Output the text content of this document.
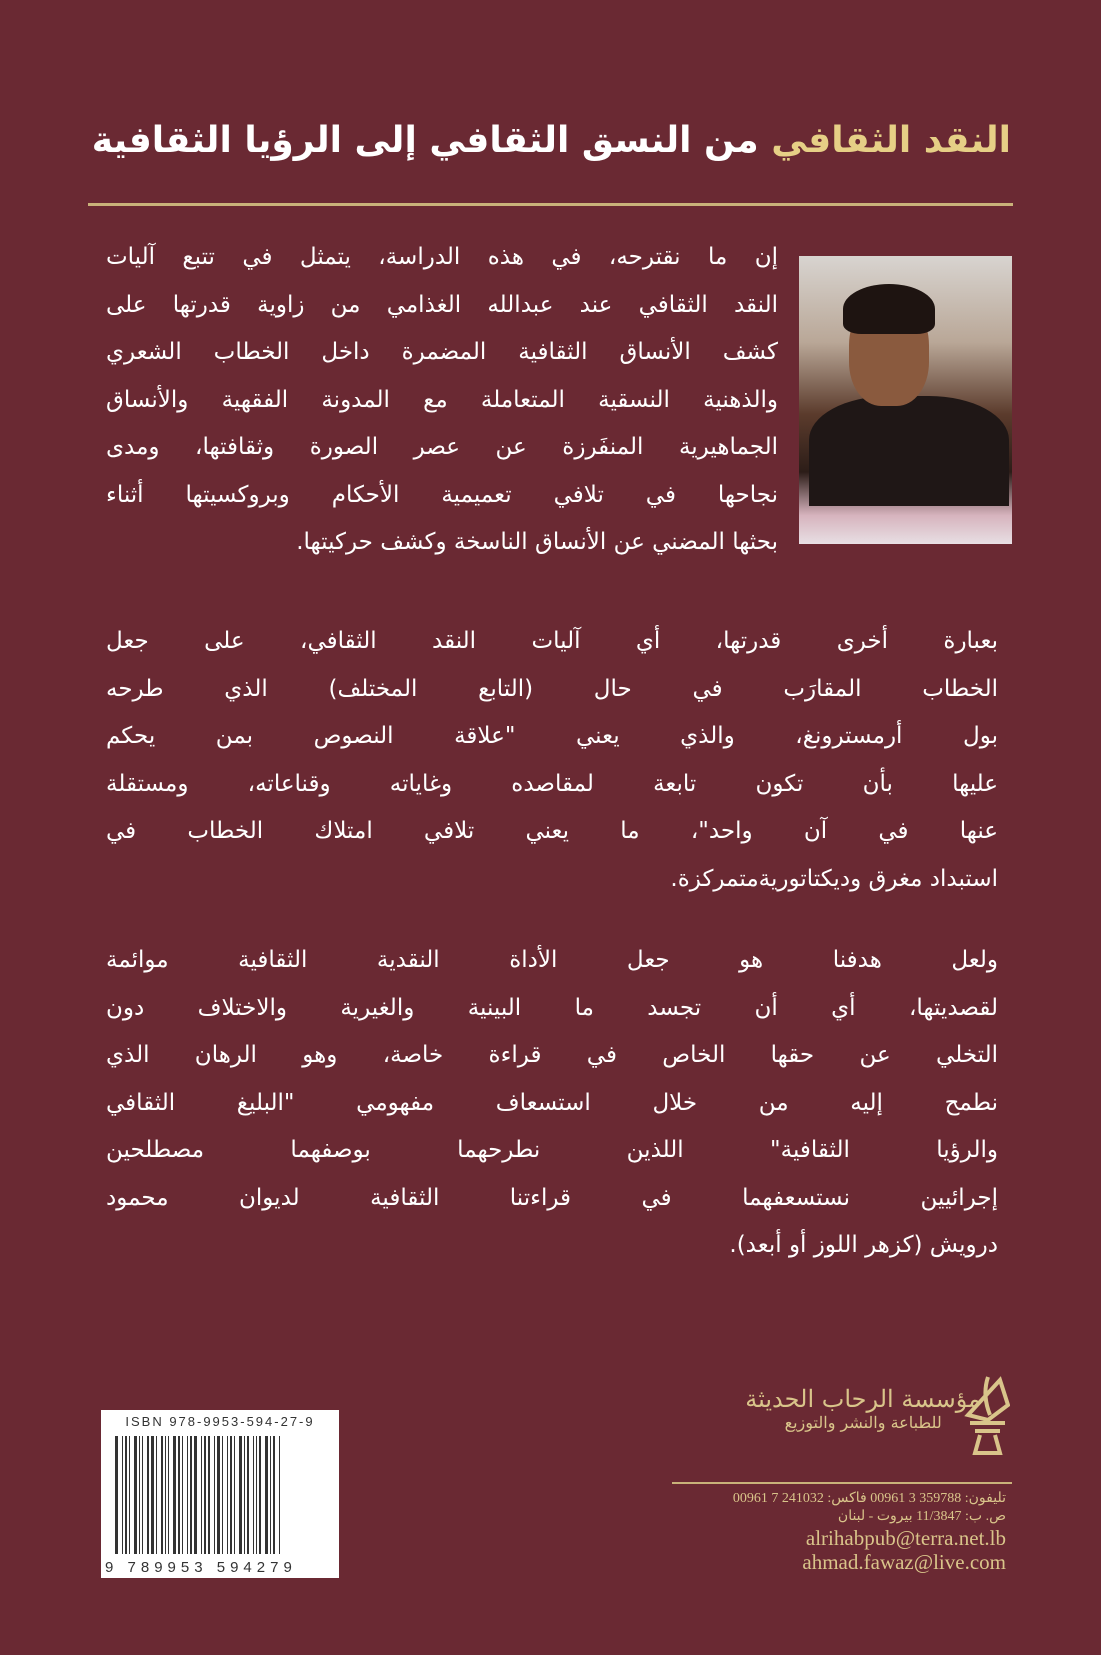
النقد الثقافي من النسق الثقافي إلى الرؤيا الثقافية
إن ما نقترحه، في هذه الدراسة، يتمثل في تتبع آليات
النقد الثقافي عند عبدالله الغذامي من زاوية قدرتها على
كشف الأنساق الثقافية المضمرة داخل الخطاب الشعري
والذهنية النسقية المتعاملة مع المدونة الفقهية والأنساق
الجماهيرية المنفَرزة عن عصر الصورة وثقافتها، ومدى
نجاحها في تلافي تعميمية الأحكام وبروكسيتها أثناء
بحثها المضني عن الأنساق الناسخة وكشف حركيتها.
بعبارة أخرى قدرتها، أي آليات النقد الثقافي، على جعل
الخطاب المقارَب في حال (التابع المختلف) الذي طرحه
بول أرمسترونغ، والذي يعني "علاقة النصوص بمن يحكم
عليها بأن تكون تابعة لمقاصده وغاياته وقناعاته، ومستقلة
عنها في آن واحد"، ما يعني تلافي امتلاك الخطاب في
استبداد مغرق وديكتاتوريةمتمركزة.
ولعل هدفنا هو جعل الأداة النقدية الثقافية موائمة
لقصديتها، أي أن تجسد ما البينية والغيرية والاختلاف دون
التخلي عن حقها الخاص في قراءة خاصة، وهو الرهان الذي
نطمح إليه من خلال استسعاف مفهومي "البليغ الثقافي
والرؤيا الثقافية" اللذين نطرحهما بوصفهما مصطلحين
إجرائيين نستسعفهما في قراءتنا الثقافية لديوان محمود
درويش (كزهر اللوز أو أبعد).
مؤسسة الرحاب الحديثة
للطباعة والنشر والتوزيع
تليفون: 359788 3 00961 فاكس: 241032 7 00961
ص. ب: 11/3847 بيروت - لبنان
alrihabpub@terra.net.lb
ahmad.fawaz@live.com
ISBN 978-9953-594-27-9
9 789953 594279
